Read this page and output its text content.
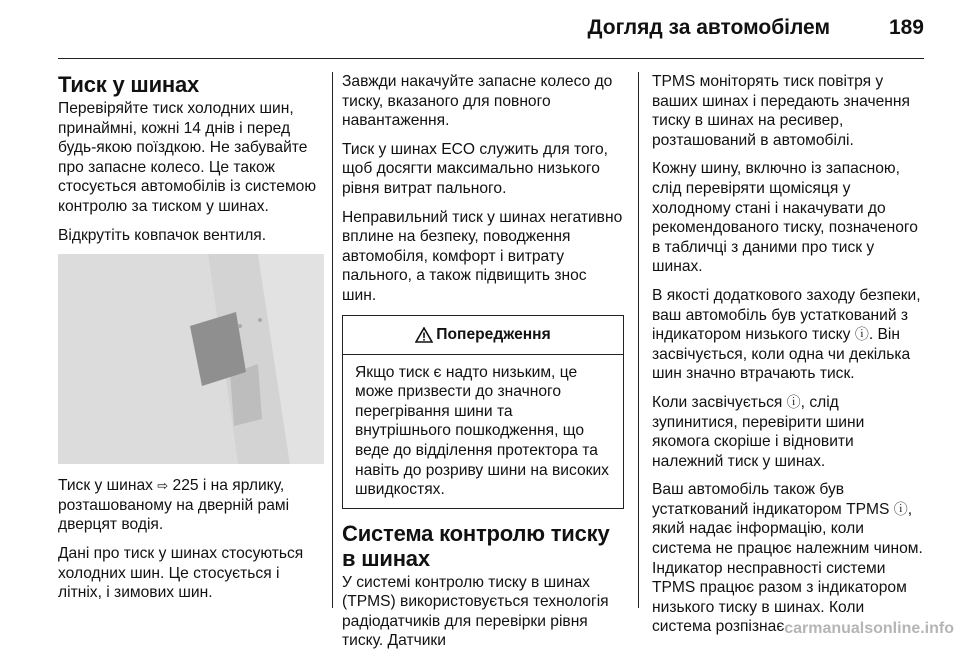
Догляд за автомобілем	189
Тиск у шинах

Перевіряйте тиск холодних шин, принаймні, кожні 14 днів і перед будь-якою поїздкою. Не забувайте про запасне колесо. Це також стосується автомобілів із системою контролю за тиском у шинах.

Відкрутіть ковпачок вентиля.

Тиск у шинах ⇨ 225 і на ярлику, розташованому на дверній рамі дверцят водія.

Дані про тиск у шинах стосуються холодних шин. Це стосується і літніх, і зимових шин.

Завжди накачуйте запасне колесо до тиску, вказаного для повного навантаження.

Тиск у шинах ECO служить для того, щоб досягти максимально низького рівня витрат пального.

Неправильний тиск у шинах негативно вплине на безпеку, поводження автомобіля, комфорт і витрату пального, а також підвищить знос шин.

Попередження
Якщо тиск є надто низьким, це може призвести до значного перегрівання шини та внутрішнього пошкодження, що веде до відділення протектора та навіть до розриву шини на високих швидкостях.
Система контролю тиску в шинах

У системі контролю тиску в шинах (TPMS) використовується технологія радіодатчиків для перевірки рівня тиску. Датчики

TPMS моніторять тиск повітря у ваших шинах і передають значення тиску в шинах на ресивер, розташований в автомобілі.

Кожну шину, включно із запасною, слід перевіряти щомісяця у холодному стані і накачувати до рекомендованого тиску, позначеного в табличці з даними про тиск у шинах.

В якості додаткового заходу безпеки, ваш автомобіль був устаткований з індикатором низького тиску ⓘ. Він засвічується, коли одна чи декілька шин значно втрачають тиск.

Коли засвічується ⓘ, слід зупинитися, перевірити шини якомога скоріше і відновити належний тиск у шинах.

Ваш автомобіль також був устаткований індикатором TPMS ⓘ, який надає інформацію, коли система не працює належним чином. Індикатор несправності системи TPMS працює разом з індикатором низького тиску в шинах. Коли система розпізнає carmanualsonline.info
